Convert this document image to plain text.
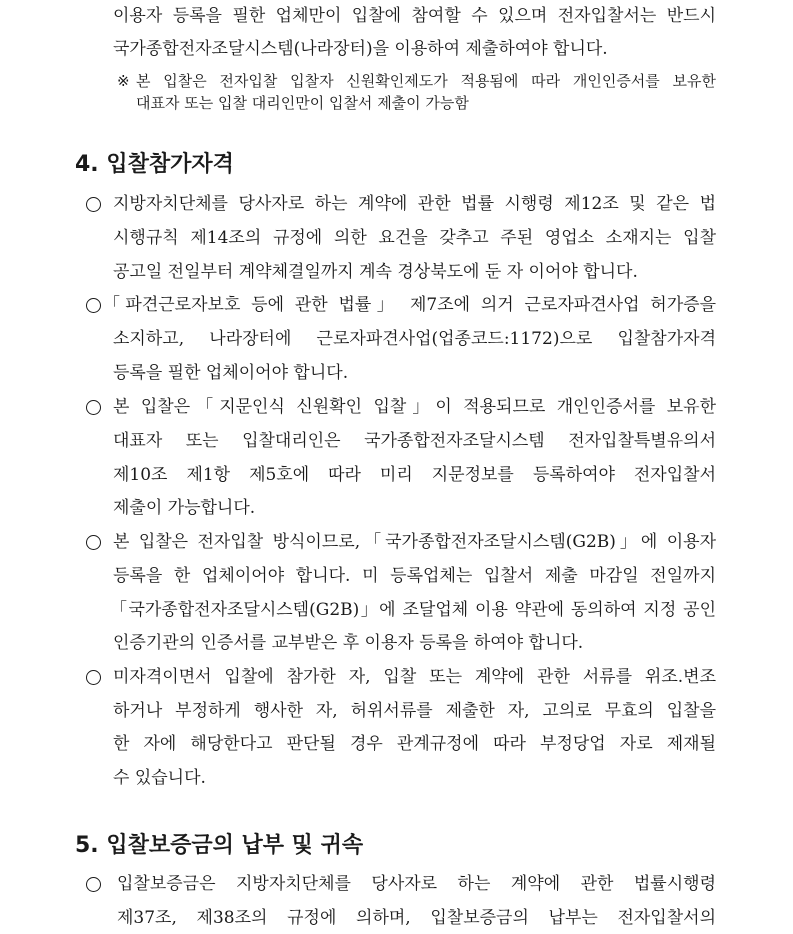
이용자 등록을 필한 업체만이 입찰에 참여할 수 있으며 전자입찰서는 반드시
국가종합전자조달시스템(나라장터)을 이용하여 제출하여야 합니다.
※ 본 입찰은 전자입찰 입찰자 신원확인제도가 적용됨에 따라 개인인증서를 보유한
대표자 또는 입찰 대리인만이 입찰서 제출이 가능함
4. 입찰참가자격
지방자치단체를 당사자로 하는 계약에 관한 법률 시행령 제12조 및 같은 법
시행규칙 제14조의 규정에 의한 요건을 갖추고 주된 영업소 소재지는 입찰
공고일 전일부터 계약체결일까지 계속 경상북도에 둔 자 이어야 합니다.
「파견근로자보호 등에 관한 법률」 제7조에 의거 근로자파견사업 허가증을
소지하고, 나라장터에 근로자파견사업(업종코드:1172)으로 입찰참가자격
등록을 필한 업체이어야 합니다.
본 입찰은「지문인식 신원확인 입찰」이 적용되므로 개인인증서를 보유한
대표자 또는 입찰대리인은 국가종합전자조달시스템 전자입찰특별유의서
제10조 제1항 제5호에 따라 미리 지문정보를 등록하여야 전자입찰서
제출이 가능합니다.
본 입찰은 전자입찰 방식이므로,「국가종합전자조달시스템(G2B)」에 이용자
등록을 한 업체이어야 합니다. 미 등록업체는 입찰서 제출 마감일 전일까지
「국가종합전자조달시스템(G2B)」에 조달업체 이용 약관에 동의하여 지정 공인
인증기관의 인증서를 교부받은 후 이용자 등록을 하여야 합니다.
미자격이면서 입찰에 참가한 자, 입찰 또는 계약에 관한 서류를 위조.변조
하거나 부정하게 행사한 자, 허위서류를 제출한 자, 고의로 무효의 입찰을
한 자에 해당한다고 판단될 경우 관계규정에 따라 부정당업 자로 제재될
수 있습니다.
5. 입찰보증금의 납부 및 귀속
입찰보증금은 지방자치단체를 당사자로 하는 계약에 관한 법률시행령
제37조, 제38조의 규정에 의하며, 입찰보증금의 납부는 전자입찰서의
